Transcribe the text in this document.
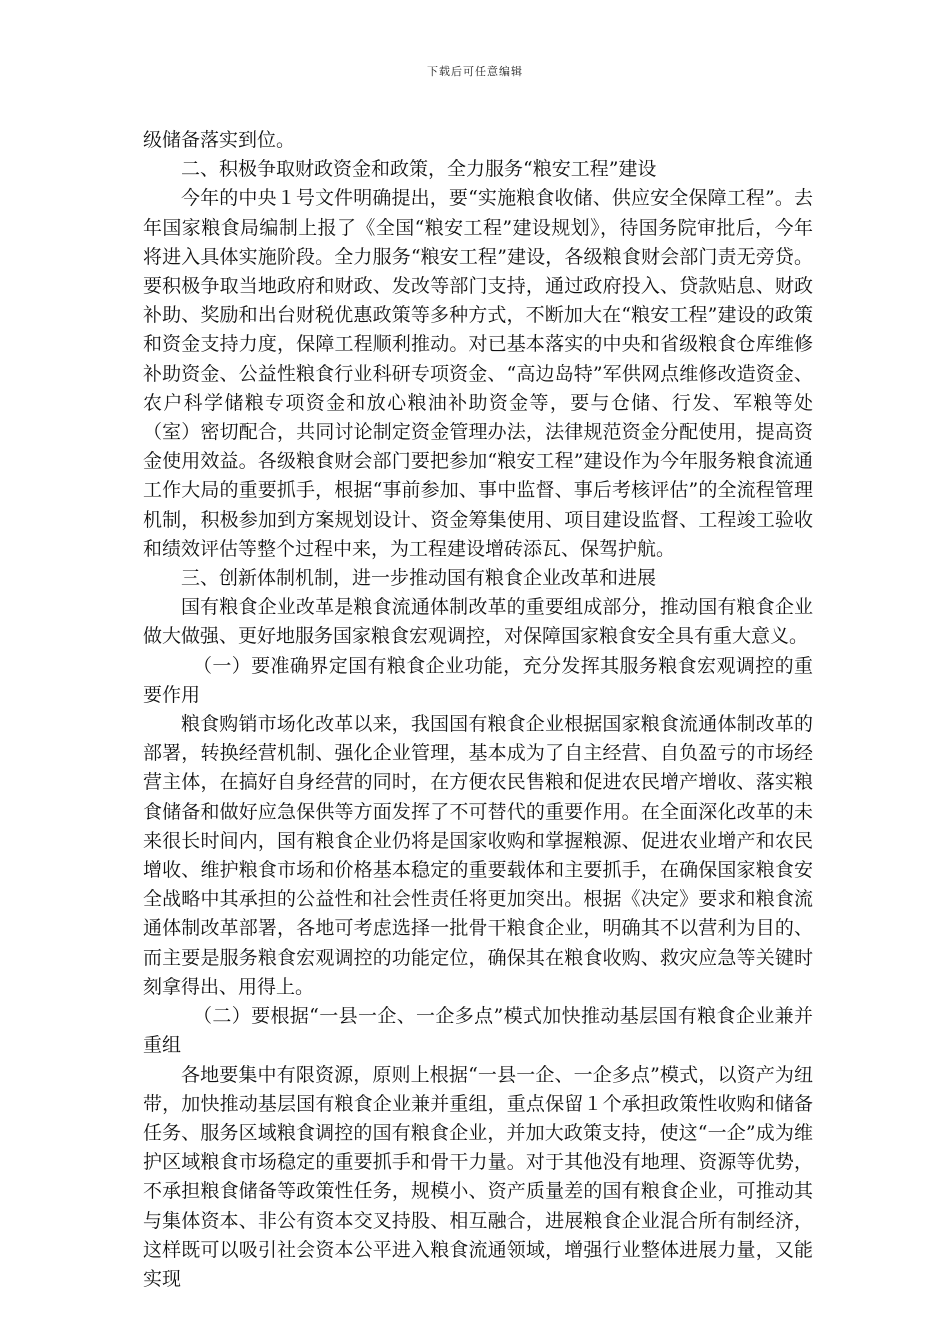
下载后可任意编辑

级储备落实到位。

二、积极争取财政资金和政策，全力服务“粮安工程”建设

今年的中央１号文件明确提出，要“实施粮食收储、供应安全保障工程”。去年国家粮食局编制上报了《全国“粮安工程”建设规划》，待国务院审批后，今年将进入具体实施阶段。全力服务“粮安工程”建设，各级粮食财会部门责无旁贷。要积极争取当地政府和财政、发改等部门支持，通过政府投入、贷款贴息、财政补助、奖励和出台财税优惠政策等多种方式，不断加大在“粮安工程”建设的政策和资金支持力度，保障工程顺利推动。对已基本落实的中央和省级粮食仓库维修补助资金、公益性粮食行业科研专项资金、“高边岛特”军供网点维修改造资金、农户科学储粮专项资金和放心粮油补助资金等，要与仓储、行发、军粮等处（室）密切配合，共同讨论制定资金管理办法，法律规范资金分配使用，提高资金使用效益。各级粮食财会部门要把参加“粮安工程”建设作为今年服务粮食流通工作大局的重要抓手，根据“事前参加、事中监督、事后考核评估”的全流程管理机制，积极参加到方案规划设计、资金筹集使用、项目建设监督、工程竣工验收和绩效评估等整个过程中来，为工程建设增砖添瓦、保驾护航。

三、创新体制机制，进一步推动国有粮食企业改革和进展

国有粮食企业改革是粮食流通体制改革的重要组成部分，推动国有粮食企业做大做强、更好地服务国家粮食宏观调控，对保障国家粮食安全具有重大意义。

（一）要准确界定国有粮食企业功能，充分发挥其服务粮食宏观调控的重要作用

粮食购销市场化改革以来，我国国有粮食企业根据国家粮食流通体制改革的部署，转换经营机制、强化企业管理，基本成为了自主经营、自负盈亏的市场经营主体，在搞好自身经营的同时，在方便农民售粮和促进农民增产增收、落实粮食储备和做好应急保供等方面发挥了不可替代的重要作用。在全面深化改革的未来很长时间内，国有粮食企业仍将是国家收购和掌握粮源、促进农业增产和农民增收、维护粮食市场和价格基本稳定的重要载体和主要抓手，在确保国家粮食安全战略中其承担的公益性和社会性责任将更加突出。根据《决定》要求和粮食流通体制改革部署，各地可考虑选择一批骨干粮食企业，明确其不以营利为目的、而主要是服务粮食宏观调控的功能定位，确保其在粮食收购、救灾应急等关键时刻拿得出、用得上。

（二）要根据“一县一企、一企多点”模式加快推动基层国有粮食企业兼并重组

各地要集中有限资源，原则上根据“一县一企、一企多点”模式，以资产为纽带，加快推动基层国有粮食企业兼并重组，重点保留１个承担政策性收购和储备任务、服务区域粮食调控的国有粮食企业，并加大政策支持，使这“一企”成为维护区域粮食市场稳定的重要抓手和骨干力量。对于其他没有地理、资源等优势，不承担粮食储备等政策性任务，规模小、资产质量差的国有粮食企业，可推动其与集体资本、非公有资本交叉持股、相互融合，进展粮食企业混合所有制经济，这样既可以吸引社会资本公平进入粮食流通领域，增强行业整体进展力量，又能实现
